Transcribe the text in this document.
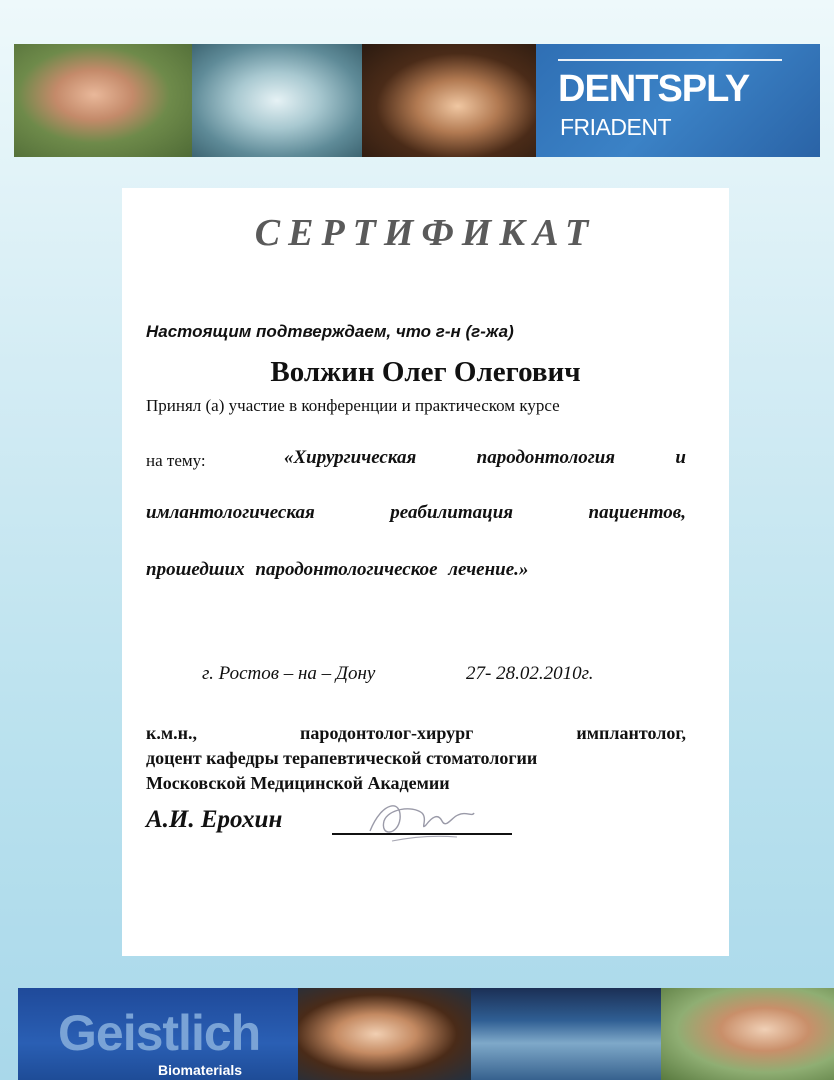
DENTSPLY
FRIADENT
СЕРТИФИКАТ
Настоящим подтверждаем, что г-н (г-жа)
Волжин Олег Олегович
Принял (а) участие в конференции и практическом курсе
на тему:	«Хирургическая пародонтология и
имлантологическая реабилитация пациентов,
прошедших пародонтологическое лечение.»
г. Ростов – на – Дону	27- 28.02.2010г.
к.м.н., пародонтолог-хирург имплантолог,
доцент кафедры терапевтической стоматологии
Московской Медицинской Академии
А.И. Ерохин
Geistlich
Biomaterials
